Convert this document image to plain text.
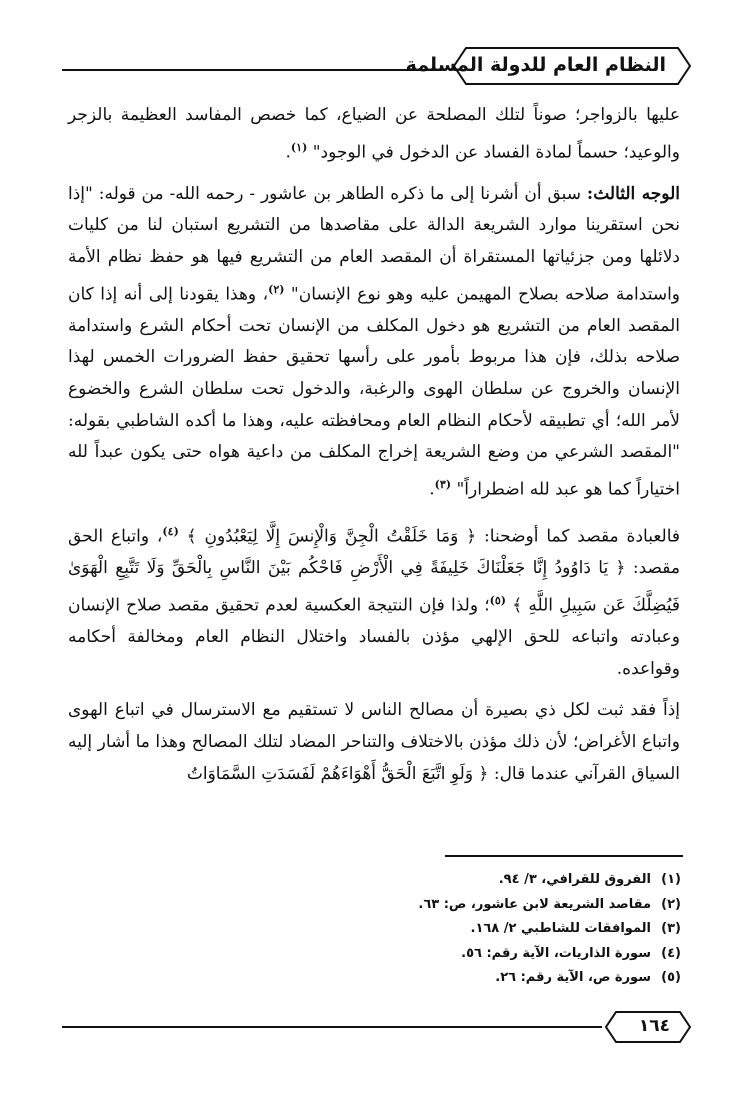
النظام العام للدولة المسلمة

عليها بالزواجر؛ صوناً لتلك المصلحة عن الضياع، كما خصص المفاسد العظيمة بالزجر والوعيد؛ حسماً لمادة الفساد عن الدخول في الوجود" $^{(١)}$.

الوجه الثالث: سبق أن أشرنا إلى ما ذكره الطاهر بن عاشور - رحمه الله- من قوله: "إذا نحن استقرينا موارد الشريعة الدالة على مقاصدها من التشريع استبان لنا من كليات دلائلها ومن جزئياتها المستقراة أن المقصد العام من التشريع فيها هو حفظ نظام الأمة واستدامة صلاحه بصلاح المهيمن عليه وهو نوع الإنسان" $^{(٢)}$، وهذا يقودنا إلى أنه إذا كان المقصد العام من التشريع هو دخول المكلف من الإنسان تحت أحكام الشرع واستدامة صلاحه بذلك، فإن هذا مربوط بأمور على رأسها تحقيق حفظ الضرورات الخمس لهذا الإنسان والخروج عن سلطان الهوى والرغبة، والدخول تحت سلطان الشرع والخضوع لأمر الله؛ أي تطبيقه لأحكام النظام العام ومحافظته عليه، وهذا ما أكده الشاطبي بقوله: "المقصد الشرعي من وضع الشريعة إخراج المكلف من داعية هواه حتى يكون عبداً لله اختياراً كما هو عبد لله اضطراراً" $^{(٣)}$.

فالعبادة مقصد كما أوضحنا: ﴿ وَمَا خَلَقْتُ الْجِنَّ وَالْإِنسَ إِلَّا لِيَعْبُدُونِ ﴾ $^{(٤)}$، واتباع الحق مقصد: ﴿ يَا دَاوُودُ إِنَّا جَعَلْنَاكَ خَلِيفَةً فِي الْأَرْضِ فَاحْكُم بَيْنَ النَّاسِ بِالْحَقِّ وَلَا تَتَّبِعِ الْهَوَىٰ فَيُضِلَّكَ عَن سَبِيلِ اللَّهِ ﴾ $^{(٥)}$؛ ولذا فإن النتيجة العكسية لعدم تحقيق مقصد صلاح الإنسان وعبادته واتباعه للحق الإلهي مؤذن بالفساد واختلال النظام العام ومخالفة أحكامه وقواعده.

إذاً فقد ثبت لكل ذي بصيرة أن مصالح الناس لا تستقيم مع الاسترسال في اتباع الهوى واتباع الأغراض؛ لأن ذلك مؤذن بالاختلاف والتناحر المضاد لتلك المصالح وهذا ما أشار إليه السياق القرآني عندما قال: ﴿ وَلَوِ اتَّبَعَ الْحَقُّ أَهْوَاءَهُمْ لَفَسَدَتِ السَّمَاوَاتُ

(١)الفروق للقرافي، ٣/ ٩٤.
(٢)مقاصد الشريعة لابن عاشور، ص: ٦٣.
(٣)الموافقات للشاطبي ٢/ ١٦٨.
(٤)سورة الذاريات، الآية رقم: ٥٦.
(٥)سورة ص، الآية رقم: ٢٦.
١٦٤
